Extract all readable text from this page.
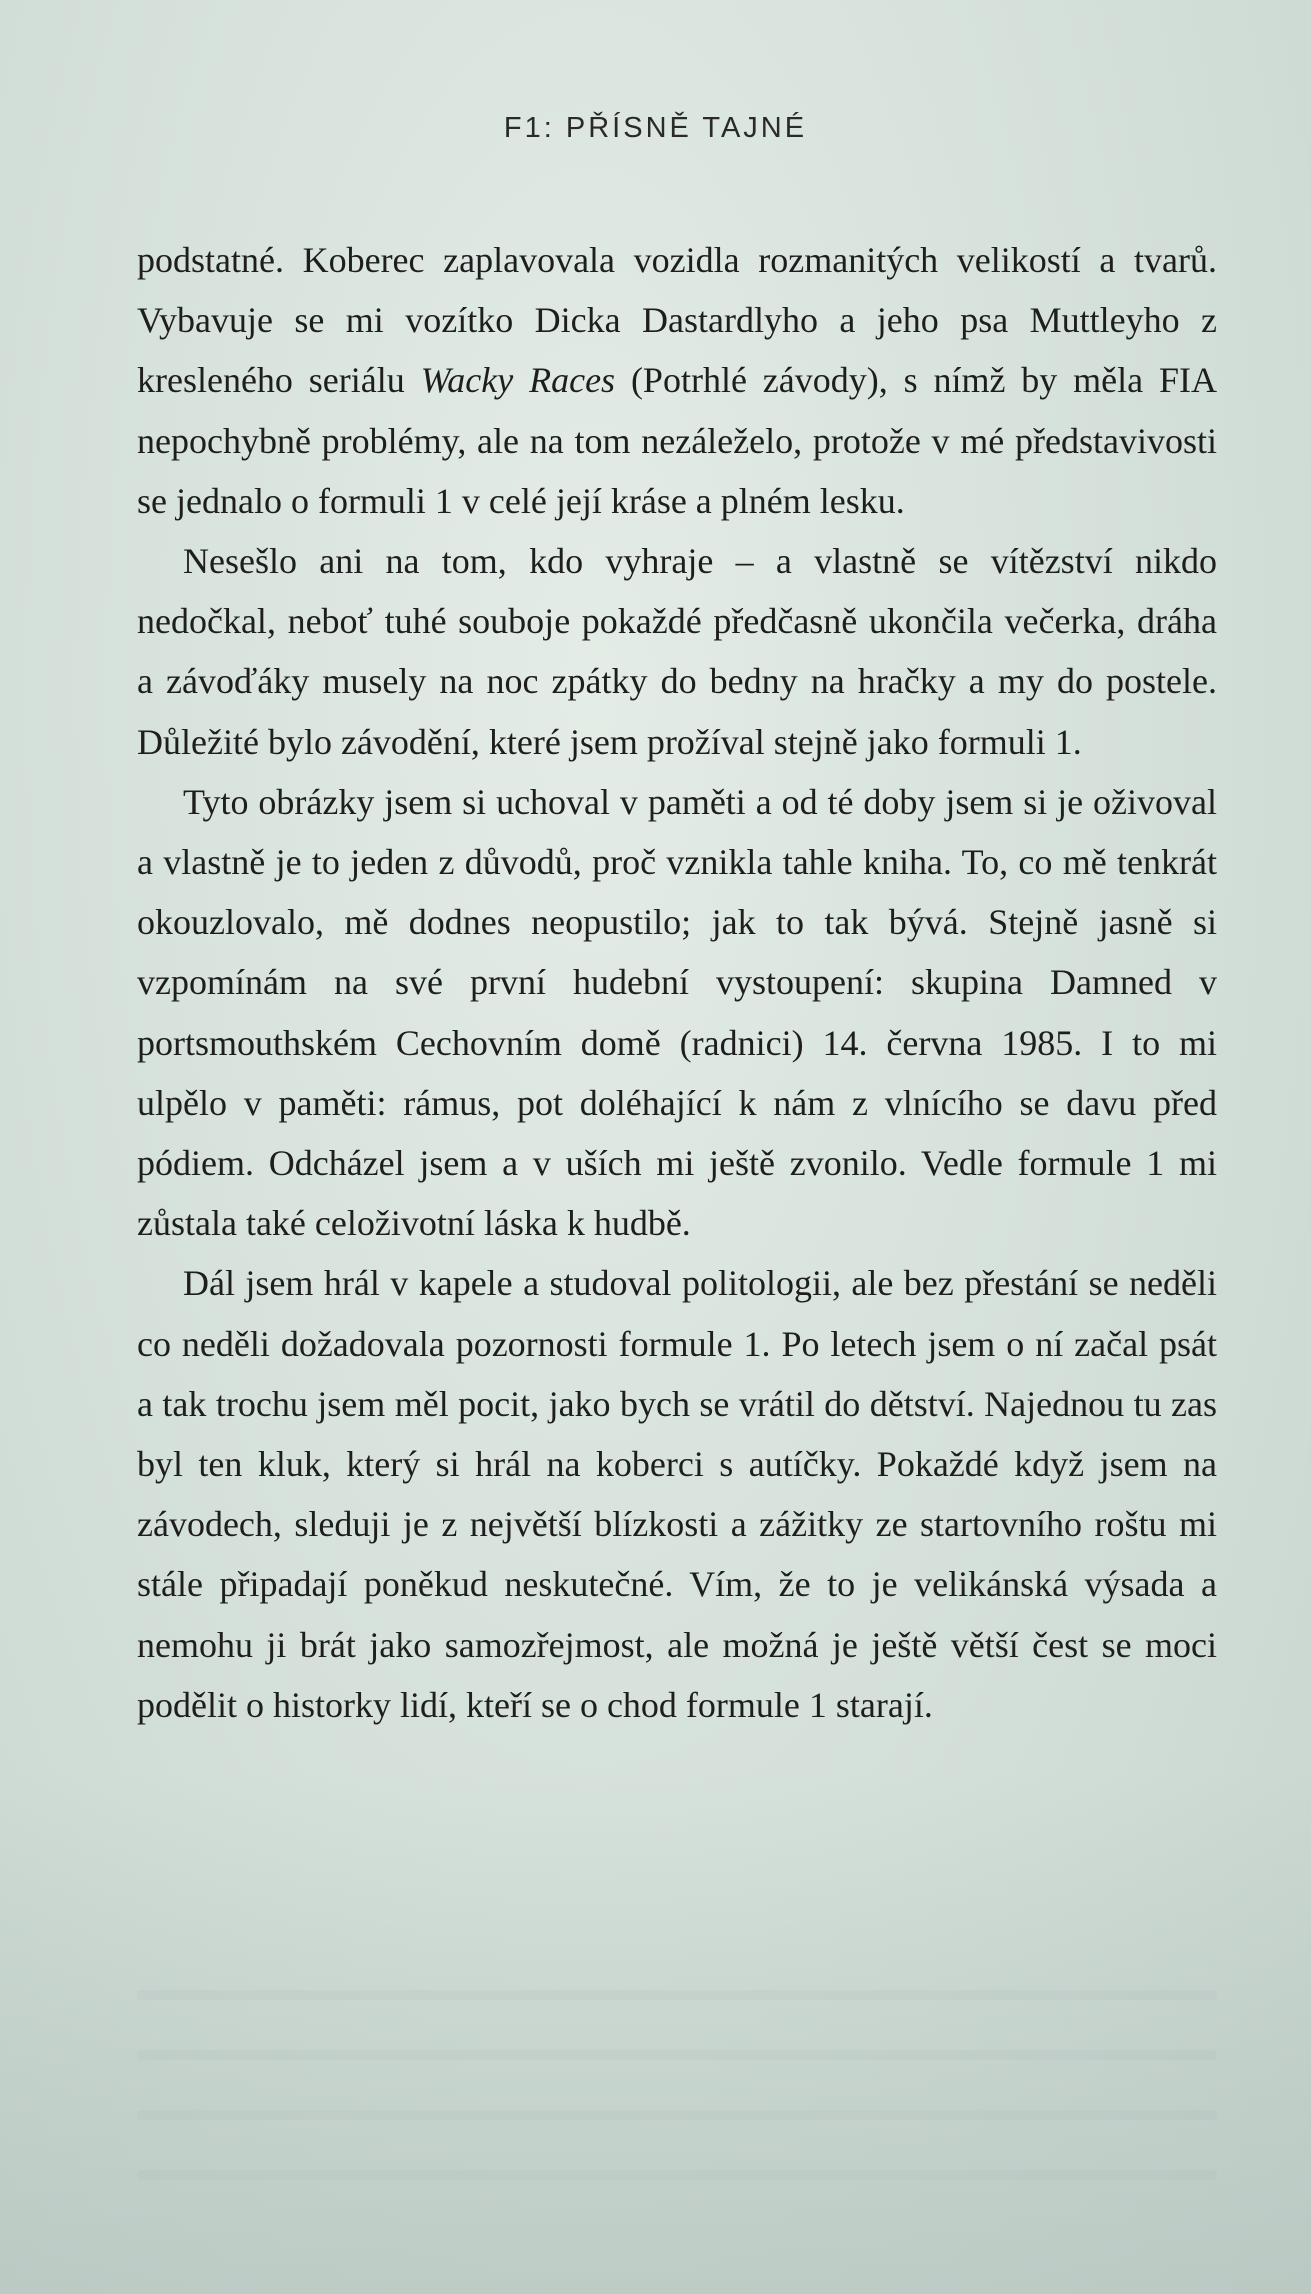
F1: PŘÍSNĚ TAJNÉ

podstatné. Koberec zaplavovala vozidla rozmanitých velikostí a tvarů. Vybavuje se mi vozítko Dicka Dastardlyho a jeho psa Muttleyho z kresleného seriálu Wacky Races (Potrhlé závody), s nímž by měla FIA nepochybně problémy, ale na tom nezáleželo, protože v mé představivosti se jednalo o formuli 1 v celé její kráse a plném lesku.

Nesešlo ani na tom, kdo vyhraje – a vlastně se vítězství nikdo nedočkal, neboť tuhé souboje pokaždé předčasně ukončila večerka, dráha a závoďáky musely na noc zpátky do bedny na hračky a my do postele. Důležité bylo závodění, které jsem prožíval stejně jako formuli 1.

Tyto obrázky jsem si uchoval v paměti a od té doby jsem si je oživoval a vlastně je to jeden z důvodů, proč vznikla tahle kniha. To, co mě tenkrát okouzlovalo, mě dodnes neopustilo; jak to tak bývá. Stejně jasně si vzpomínám na své první hudební vystoupení: skupina Damned v portsmouthském Cechovním domě (radnici) 14. června 1985. I to mi ulpělo v paměti: rámus, pot doléhající k nám z vlnícího se davu před pódiem. Odcházel jsem a v uších mi ještě zvonilo. Vedle formule 1 mi zůstala také celoživotní láska k hudbě.

Dál jsem hrál v kapele a studoval politologii, ale bez přestání se neděli co neděli dožadovala pozornosti formule 1. Po letech jsem o ní začal psát a tak trochu jsem měl pocit, jako bych se vrátil do dětství. Najednou tu zas byl ten kluk, který si hrál na koberci s autíčky. Pokaždé když jsem na závodech, sleduji je z největší blízkosti a zážitky ze startovního roštu mi stále připadají poněkud neskutečné. Vím, že to je velikánská výsada a nemohu ji brát jako samozřejmost, ale možná je ještě větší čest se moci podělit o historky lidí, kteří se o chod formule 1 starají.
